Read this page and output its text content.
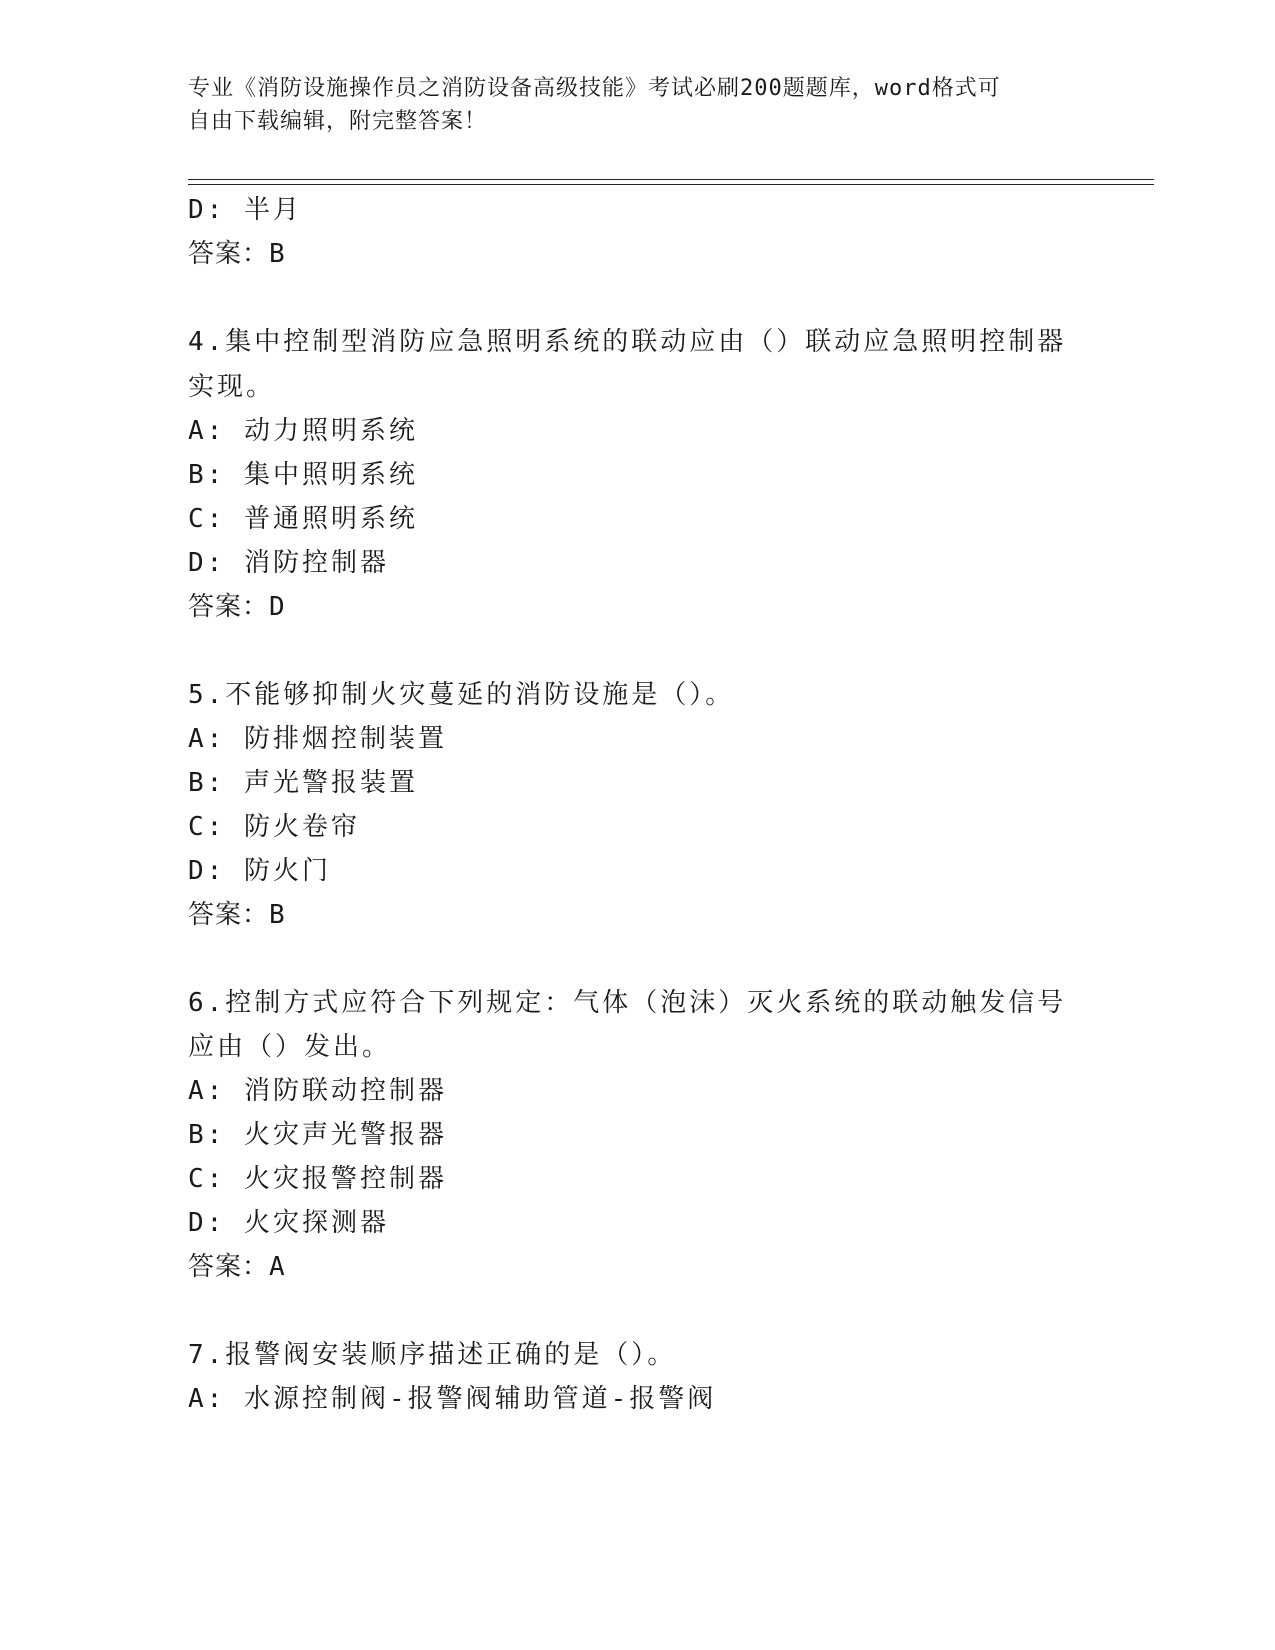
专业《消防设施操作员之消防设备高级技能》考试必刷200题题库，word格式可
自由下载编辑，附完整答案！
D: 半月
答案：B
4.集中控制型消防应急照明系统的联动应由（）联动应急照明控制器
实现。
A: 动力照明系统
B: 集中照明系统
C: 普通照明系统
D: 消防控制器
答案：D
5.不能够抑制火灾蔓延的消防设施是（）。
A: 防排烟控制装置
B: 声光警报装置
C: 防火卷帘
D: 防火门
答案：B
6.控制方式应符合下列规定：气体（泡沫）灭火系统的联动触发信号
应由（）发出。
A: 消防联动控制器
B: 火灾声光警报器
C: 火灾报警控制器
D: 火灾探测器
答案：A
7.报警阀安装顺序描述正确的是（）。
A: 水源控制阀-报警阀辅助管道-报警阀
